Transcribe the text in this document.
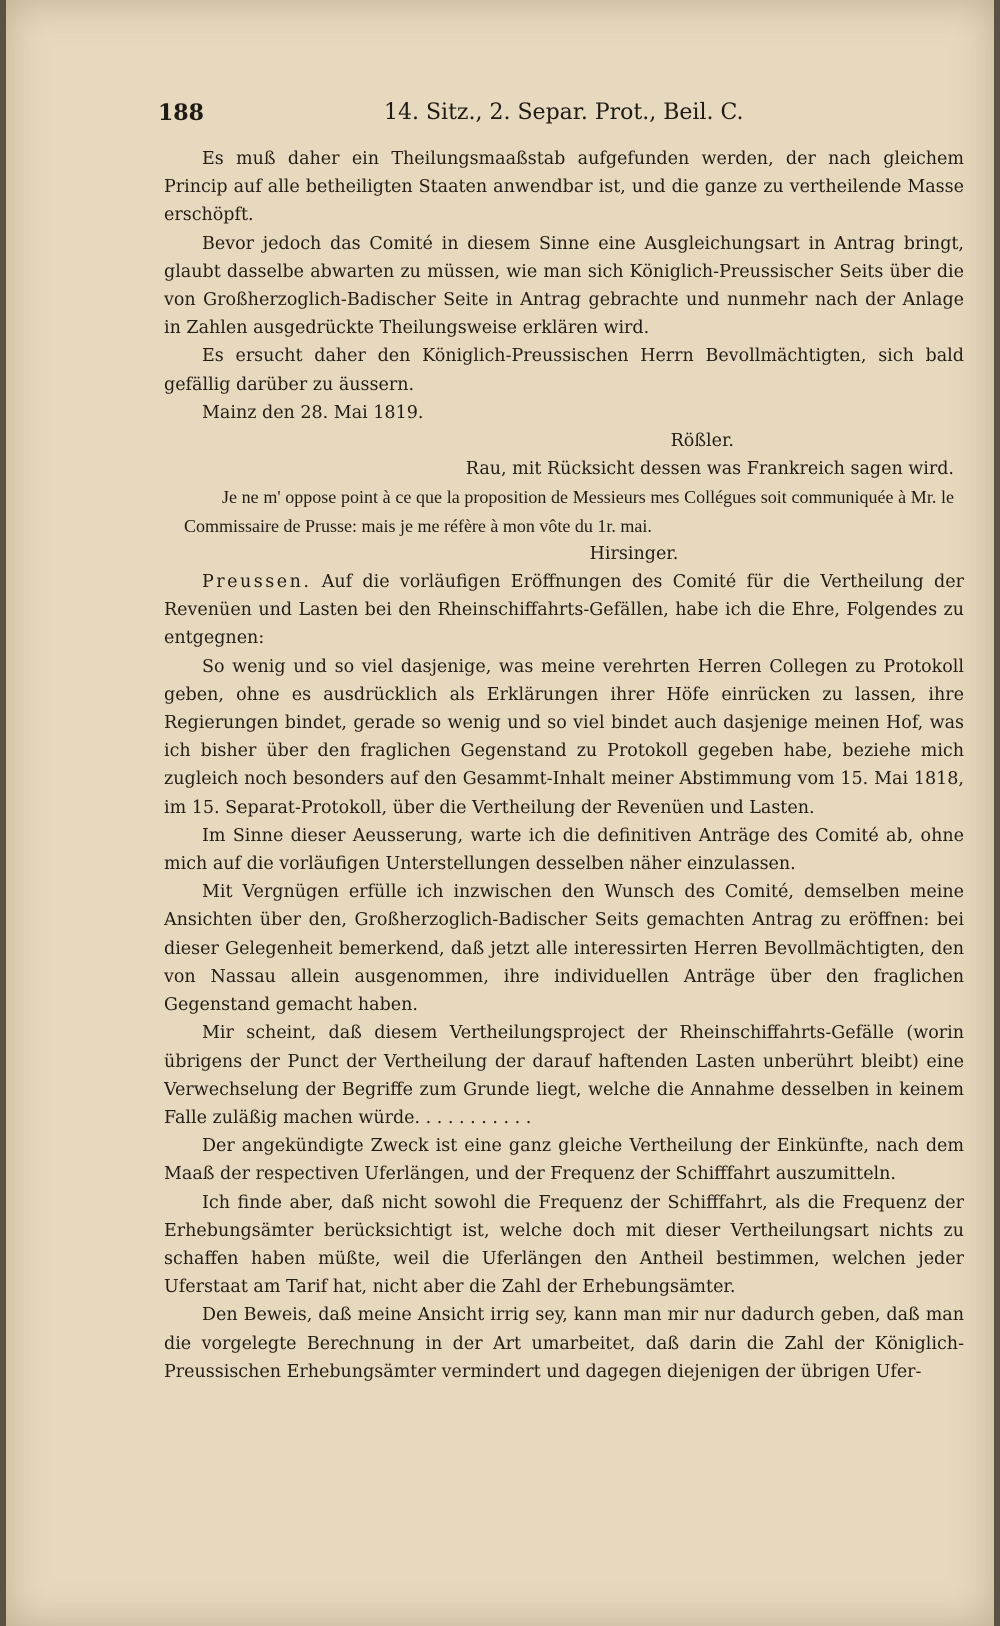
188	14. Sitz., 2. Separ. Prot., Beil. C.

Es muß daher ein Theilungsmaaßstab aufgefunden werden, der nach gleichem Princip auf alle betheiligten Staaten anwendbar ist, und die ganze zu vertheilende Masse erschöpft.

Bevor jedoch das Comité in diesem Sinne eine Ausgleichungsart in Antrag bringt, glaubt dasselbe abwarten zu müssen, wie man sich Königlich-Preussischer Seits über die von Großherzoglich-Badischer Seite in Antrag gebrachte und nunmehr nach der Anlage in Zahlen ausgedrückte Theilungsweise erklären wird.

Es ersucht daher den Königlich-Preussischen Herrn Bevollmächtigten, sich bald gefällig darüber zu äussern.

Mainz den 28. Mai 1819.

Rößler.

Rau, mit Rücksicht dessen was Frankreich sagen wird.

Je ne m' oppose point à ce que la proposition de Messieurs mes Collégues soit communiquée à Mr. le Commissaire de Prusse: mais je me réfère à mon vôte du 1r. mai.

Hirsinger.

Preussen. Auf die vorläufigen Eröffnungen des Comité für die Vertheilung der Revenüen und Lasten bei den Rheinschiffahrts-Gefällen, habe ich die Ehre, Folgendes zu entgegnen:

So wenig und so viel dasjenige, was meine verehrten Herren Collegen zu Protokoll geben, ohne es ausdrücklich als Erklärungen ihrer Höfe einrücken zu lassen, ihre Regierungen bindet, gerade so wenig und so viel bindet auch dasjenige meinen Hof, was ich bisher über den fraglichen Gegenstand zu Protokoll gegeben habe, beziehe mich zugleich noch besonders auf den Gesammt-Inhalt meiner Abstimmung vom 15. Mai 1818, im 15. Separat-Protokoll, über die Vertheilung der Revenüen und Lasten.

Im Sinne dieser Aeusserung, warte ich die definitiven Anträge des Comité ab, ohne mich auf die vorläufigen Unterstellungen desselben näher einzulassen.

Mit Vergnügen erfülle ich inzwischen den Wunsch des Comité, demselben meine Ansichten über den, Großherzoglich-Badischer Seits gemachten Antrag zu eröffnen: bei dieser Gelegenheit bemerkend, daß jetzt alle interessirten Herren Bevollmächtigten, den von Nassau allein ausgenommen, ihre individuellen Anträge über den fraglichen Gegenstand gemacht haben.

Mir scheint, daß diesem Vertheilungsproject der Rheinschiffahrts-Gefälle (worin übrigens der Punct der Vertheilung der darauf haftenden Lasten unberührt bleibt) eine Verwechselung der Begriffe zum Grunde liegt, welche die Annahme desselben in keinem Falle zuläßig machen würde. . . . . . . . . . .

Der angekündigte Zweck ist eine ganz gleiche Vertheilung der Einkünfte, nach dem Maaß der respectiven Uferlängen, und der Frequenz der Schifffahrt auszumitteln.

Ich finde aber, daß nicht sowohl die Frequenz der Schifffahrt, als die Frequenz der Erhebungsämter berücksichtigt ist, welche doch mit dieser Vertheilungsart nichts zu schaffen haben müßte, weil die Uferlängen den Antheil bestimmen, welchen jeder Uferstaat am Tarif hat, nicht aber die Zahl der Erhebungsämter.

Den Beweis, daß meine Ansicht irrig sey, kann man mir nur dadurch geben, daß man die vorgelegte Berechnung in der Art umarbeitet, daß darin die Zahl der Königlich-Preussischen Erhebungsämter vermindert und dagegen diejenigen der übrigen Ufer-
